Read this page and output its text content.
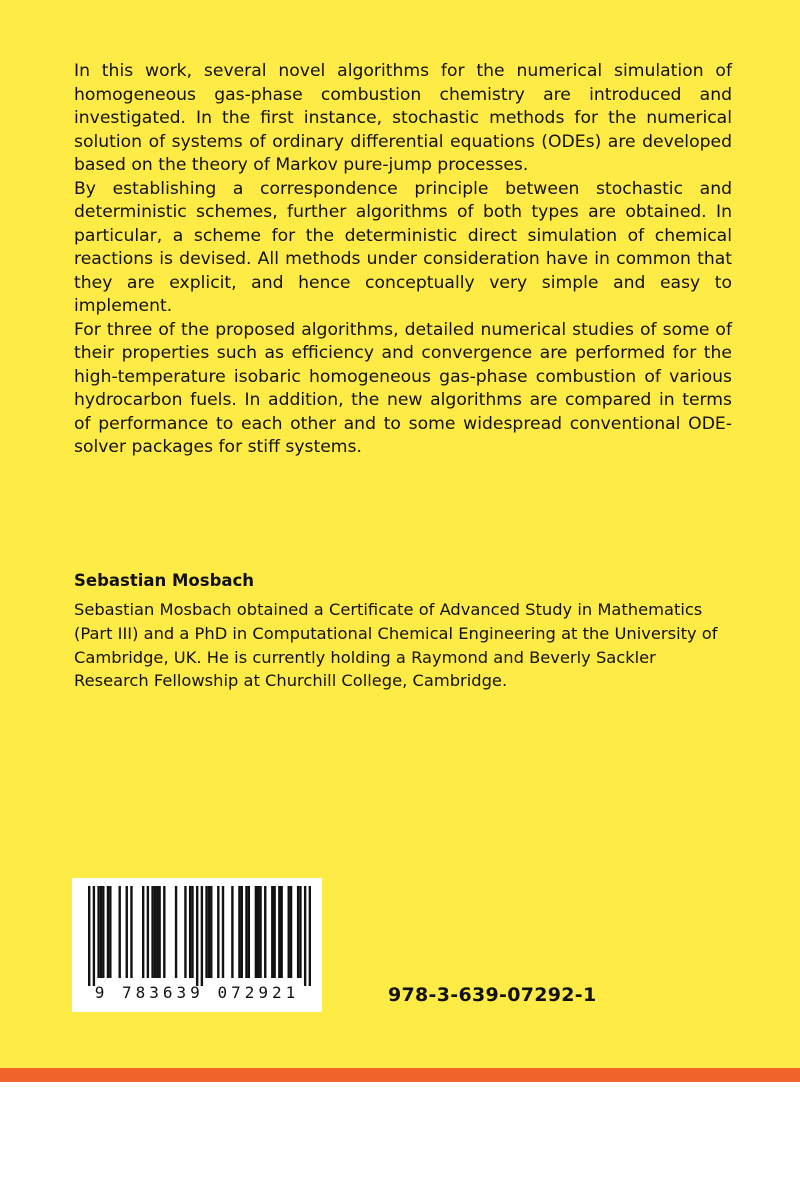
In this work, several novel algorithms for the numerical simulation of homogeneous gas-phase combustion chemistry are introduced and investigated. In the first instance, stochastic methods for the numerical solution of systems of ordinary differential equations (ODEs) are developed based on the theory of Markov pure-jump processes.

By establishing a correspondence principle between stochastic and deterministic schemes, further algorithms of both types are obtained. In particular, a scheme for the deterministic direct simulation of chemical reactions is devised. All methods under consideration have in common that they are explicit, and hence conceptually very simple and easy to implement.

For three of the proposed algorithms, detailed numerical studies of some of their properties such as efficiency and convergence are performed for the high-temperature isobaric homogeneous gas-phase combustion of various hydrocarbon fuels. In addition, the new algorithms are compared in terms of performance to each other and to some widespread conventional ODE-solver packages for stiff systems.

Sebastian Mosbach
Sebastian Mosbach obtained a Certificate of Advanced Study in Mathematics (Part III) and a PhD in Computational Chemical Engineering at the University of Cambridge, UK. He is currently holding a Raymond and Beverly Sackler Research Fellowship at Churchill College, Cambridge.
9 783639 072921	978-3-639-07292-1
